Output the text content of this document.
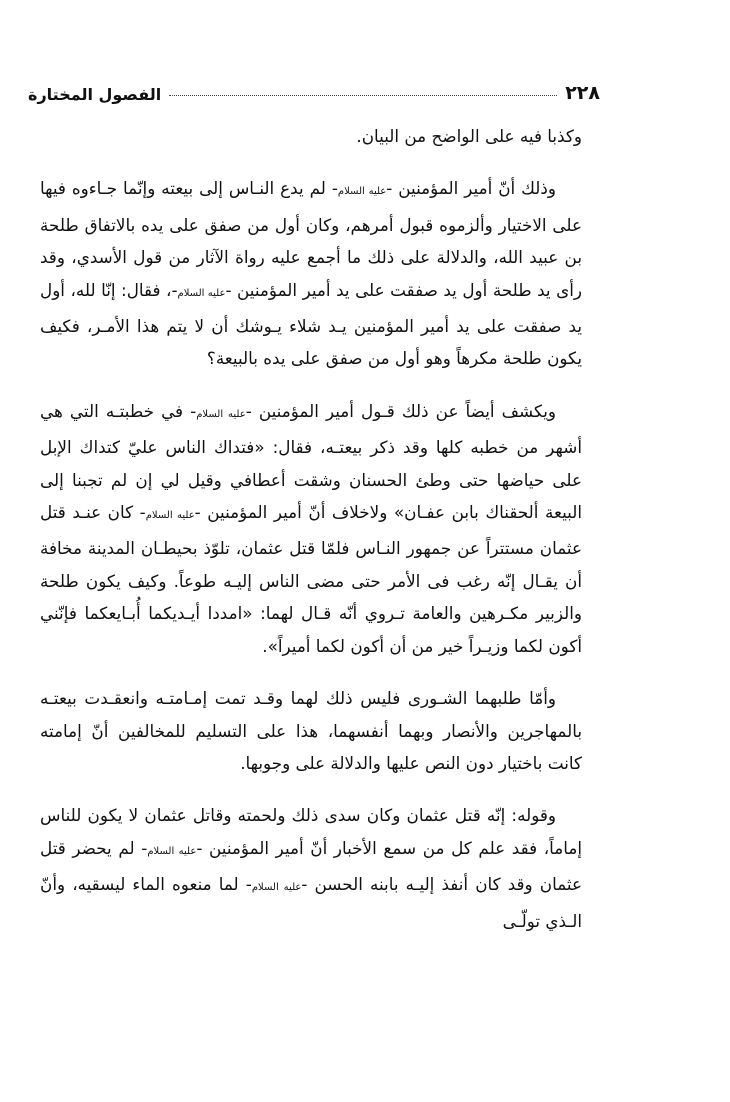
٢٢٨
الفصول المختارة

وكذبا فيه على الواضح من البيان.

وذلك أنّ أمير المؤمنين -عليه السلام- لم يدع النـاس إلى بيعته وإنّما جـاءوه فيها على الاختيار وألزموه قبول أمرهم، وكان أول من صفق على يده بالاتفاق طلحة بن عبيد الله، والدلالة على ذلك ما أجمع عليه رواة الآثار من قول الأسدي، وقد رأى يد طلحة أول يد صفقت على يد أمير المؤمنين -عليه السلام-، فقال: إنّا لله، أول يد صفقت على يد أمير المؤمنين يـد شلاء يـوشك أن لا يتم هذا الأمـر، فكيف يكون طلحة مكرهاً وهو أول من صفق على يده بالبيعة؟

ويكشف أيضاً عن ذلك قـول أمير المؤمنين -عليه السلام- في خطبتـه التي هي أشهر من خطبه كلها وقد ذكر بيعتـه، فقال: «فتداك الناس عليّ كتداك الإبل على حياضها حتى وطئ الحسنان وشقت أعطافي وقيل لي إن لم تجبنا إلى البيعة ألحقناك بابن عفـان» ولاخلاف أنّ أمير المؤمنين -عليه السلام- كان عنـد قتل عثمان مستتراً عن جمهور النـاس فلمّا قتل عثمان، تلوّذ بحيطـان المدينة مخافة أن يقـال إنّه رغب فى الأمر حتى مضى الناس إليـه طوعاً. وكيف يكون طلحة والزبير مكـرهين والعامة تـروي أنّه قـال لهما: «امددا أيـديكما أُبـايعكما فإنّني أكون لكما وزيـراً خير من أن أكون لكما أميراً».

وأمّا طلبهما الشـورى فليس ذلك لهما وقـد تمت إمـامتـه وانعقـدت بيعتـه بالمهاجرين والأنصار وبهما أنفسهما، هذا على التسليم للمخالفين أنّ إمامته كانت باختيار دون النص عليها والدلالة على وجوبها.

وقوله: إنّه قتل عثمان وكان سدى ذلك ولحمته وقاتل عثمان لا يكون للناس إماماً، فقد علم كل من سمع الأخبار أنّ أمير المؤمنين -عليه السلام- لم يحضر قتل عثمان وقد كان أنفذ إليـه بابنه الحسن -عليه السلام- لما منعوه الماء ليسقيه، وأنّ الـذي تولّـى
